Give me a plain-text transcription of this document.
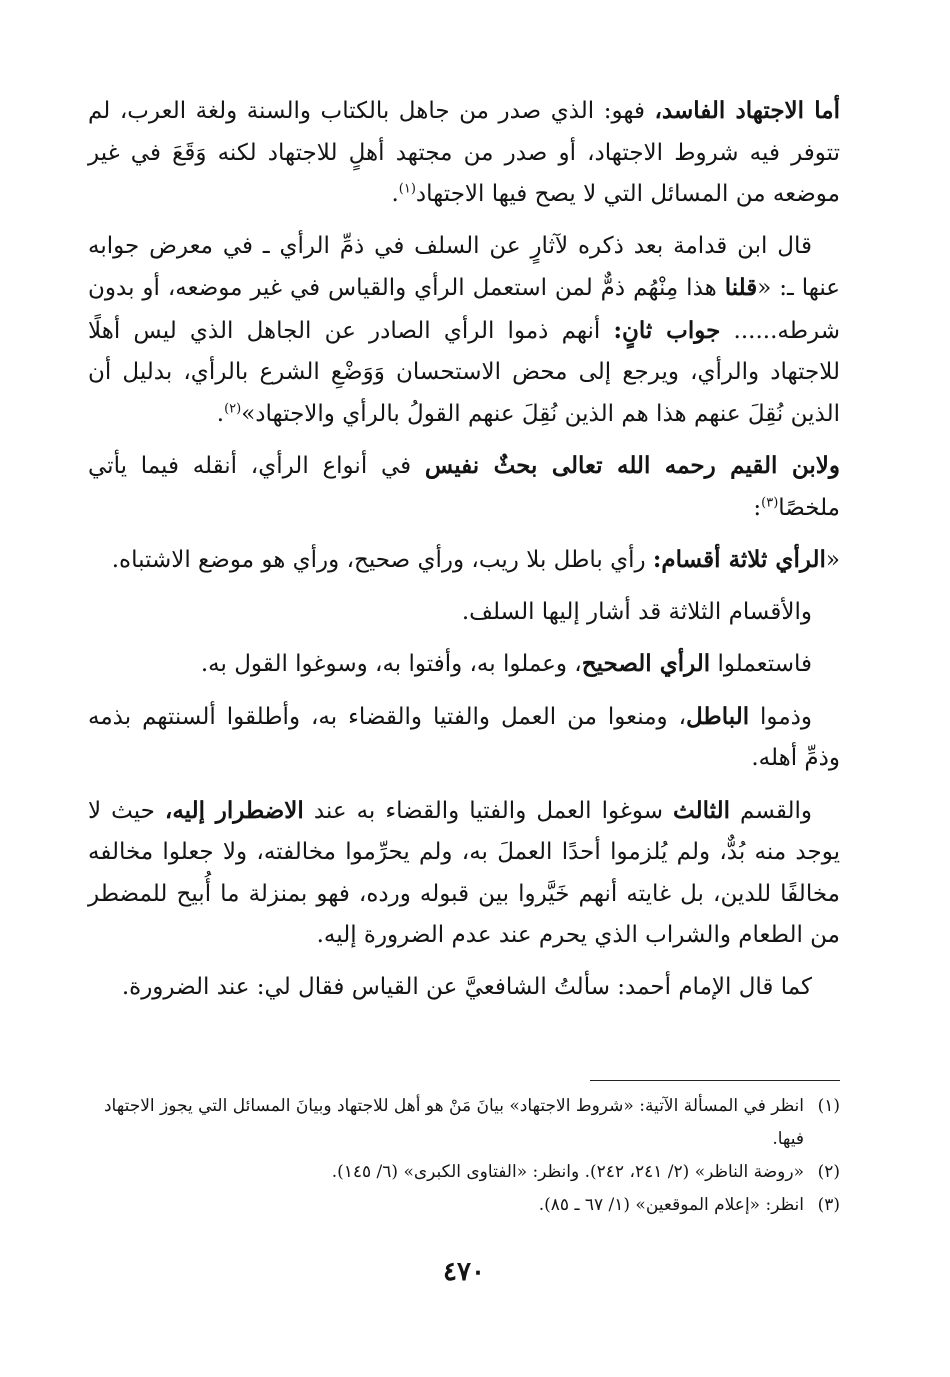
أما الاجتهاد الفاسد، فهو: الذي صدر من جاهل بالكتاب والسنة ولغة العرب، لم تتوفر فيه شروط الاجتهاد، أو صدر من مجتهد أهلٍ للاجتهاد لكنه وَقَعَ في غير موضعه من المسائل التي لا يصح فيها الاجتهاد$^{(١)}$.

قال ابن قدامة بعد ذكره لآثارٍ عن السلف في ذمِّ الرأي ـ في معرض جوابه عنها ـ: «قلنا هذا مِنْهُم ذمٌّ لمن استعمل الرأي والقياس في غير موضعه، أو بدون شرطه...... جواب ثانٍ: أنهم ذموا الرأي الصادر عن الجاهل الذي ليس أهلًا للاجتهاد والرأي، ويرجع إلى محض الاستحسان وَوَضْعِ الشرع بالرأي، بدليل أن الذين نُقِلَ عنهم هذا هم الذين نُقِلَ عنهم القولُ بالرأي والاجتهاد»$^{(٢)}$.

ولابن القيم رحمه الله تعالى بحثٌ نفيس في أنواع الرأي، أنقله فيما يأتي ملخصًا$^{(٣)}$:

«الرأي ثلاثة أقسام: رأي باطل بلا ريب، ورأي صحيح، ورأي هو موضع الاشتباه.

والأقسام الثلاثة قد أشار إليها السلف.

فاستعملوا الرأي الصحيح، وعملوا به، وأفتوا به، وسوغوا القول به.

وذموا الباطل، ومنعوا من العمل والفتيا والقضاء به، وأطلقوا ألسنتهم بذمه وذمِّ أهله.

والقسم الثالث سوغوا العمل والفتيا والقضاء به عند الاضطرار إليه، حيث لا يوجد منه بُدٌّ، ولم يُلزموا أحدًا العملَ به، ولم يحرِّموا مخالفته، ولا جعلوا مخالفه مخالفًا للدين، بل غايته أنهم خَيَّروا بين قبوله ورده، فهو بمنزلة ما أُبيح للمضطر من الطعام والشراب الذي يحرم عند عدم الضرورة إليه.

كما قال الإمام أحمد: سألتُ الشافعيَّ عن القياس فقال لي: عند الضرورة.

(١)
انظر في المسألة الآتية: «شروط الاجتهاد» بيانَ مَنْ هو أهل للاجتهاد وبيانَ المسائل التي يجوز الاجتهاد فيها.
(٢)
«روضة الناظر» (٢/ ٢٤١، ٢٤٢). وانظر: «الفتاوى الكبرى» (٦/ ١٤٥).
(٣)
انظر: «إعلام الموقعين» (١/ ٦٧ ـ ٨٥).
٤٧٠
